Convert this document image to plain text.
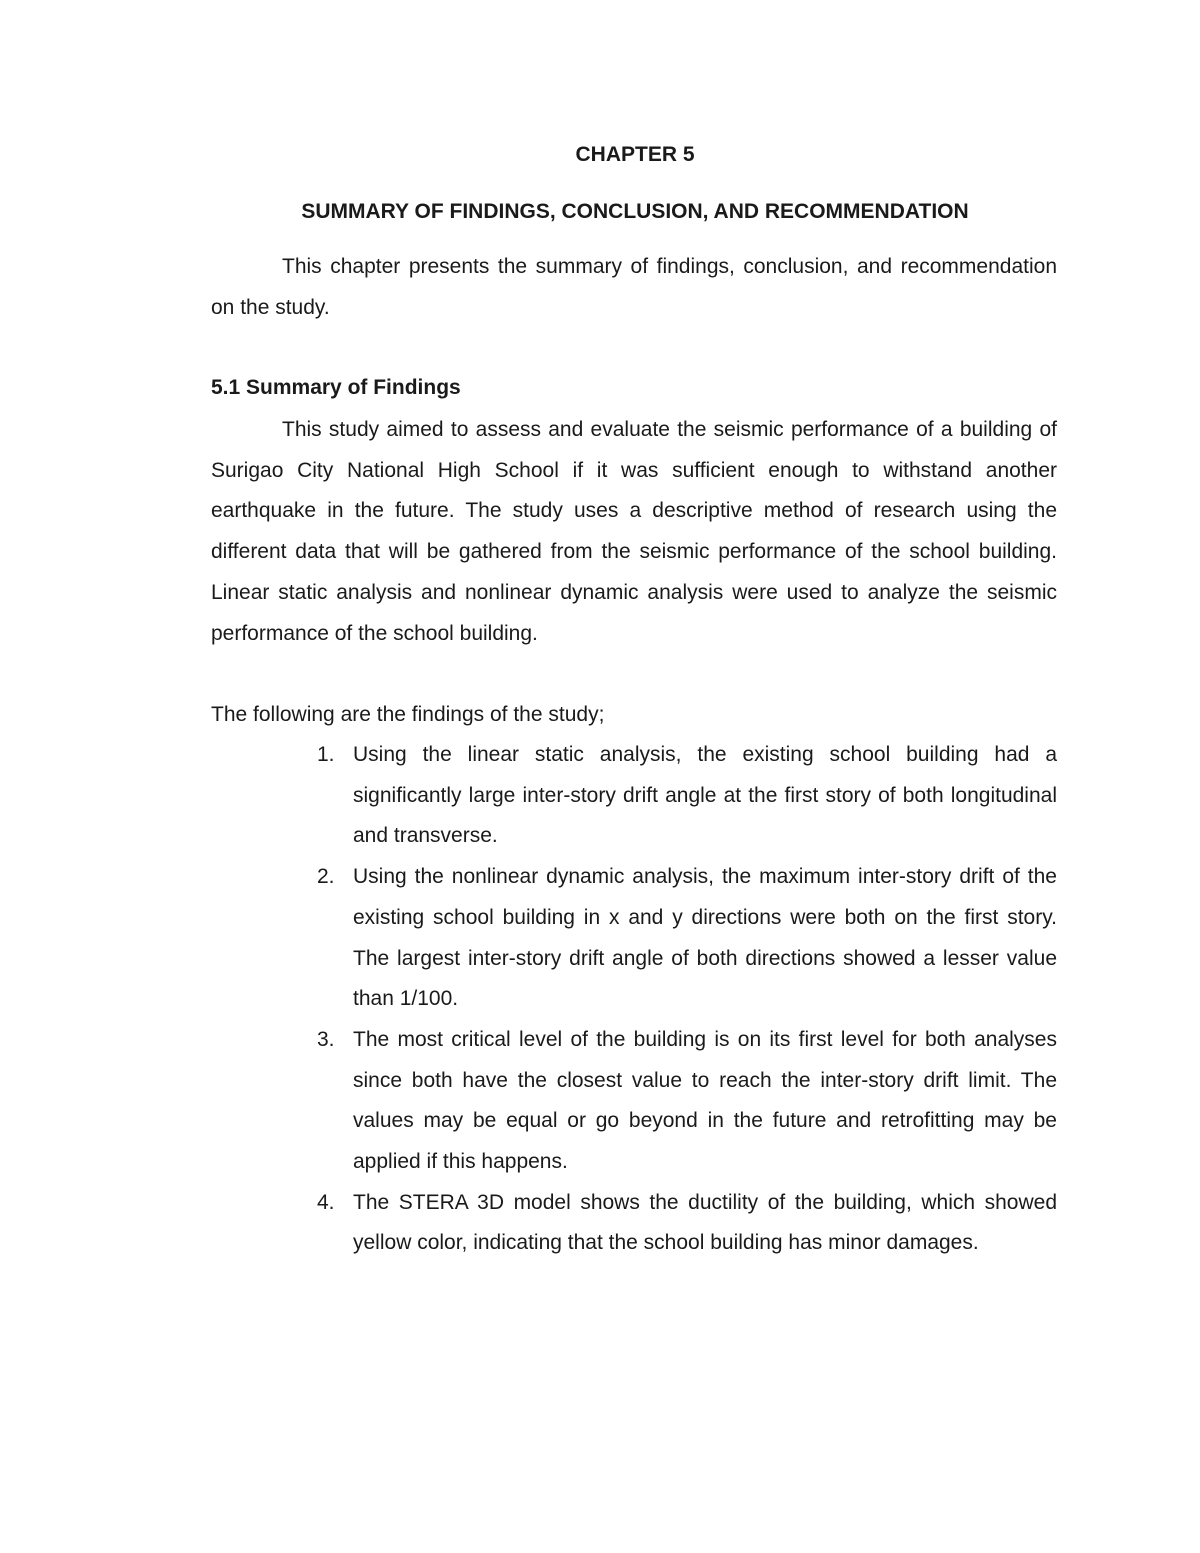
CHAPTER 5
SUMMARY OF FINDINGS, CONCLUSION, AND RECOMMENDATION

This chapter presents the summary of findings, conclusion, and recommendation on the study.

5.1 Summary of Findings

This study aimed to assess and evaluate the seismic performance of a building of Surigao City National High School if it was sufficient enough to withstand another earthquake in the future. The study uses a descriptive method of research using the different data that will be gathered from the seismic performance of the school building. Linear static analysis and nonlinear dynamic analysis were used to analyze the seismic performance of the school building.

The following are the findings of the study;
1. Using the linear static analysis, the existing school building had a significantly large inter-story drift angle at the first story of both longitudinal and transverse.
2. Using the nonlinear dynamic analysis, the maximum inter-story drift of the existing school building in x and y directions were both on the first story. The largest inter-story drift angle of both directions showed a lesser value than 1/100.
3. The most critical level of the building is on its first level for both analyses since both have the closest value to reach the inter-story drift limit. The values may be equal or go beyond in the future and retrofitting may be applied if this happens.
4. The STERA 3D model shows the ductility of the building, which showed yellow color, indicating that the school building has minor damages.
